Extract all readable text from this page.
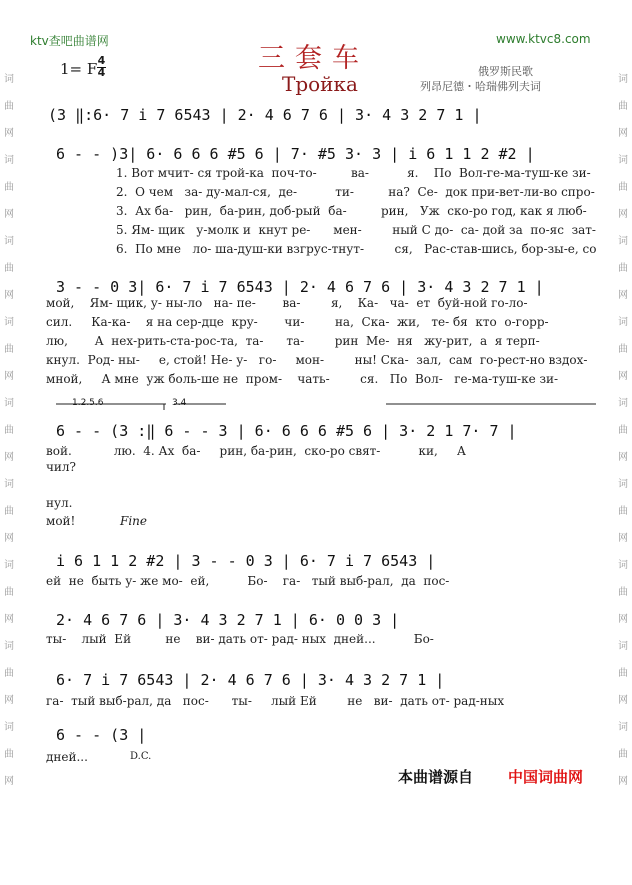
词
曲
网
词
曲
网
词
曲
网
词
曲
网
词
曲
网
词
曲
网
词
曲
网
词
曲
网
词
曲
网
词
曲
网
词
曲
网
词
曲
网
词
曲
网
词
曲
网
词
曲
网
词
曲
网
词
曲
网
词
曲
网
ktv查吧曲谱网	www.ktvc8.com
三套车
Тройка
1= F 4
4	俄罗斯民歌
列昂尼德・哈瑞佛列夫词
(3 ‖:6· 7 i 7 6543 | 2· 4 6 7 6 | 3· 4 3 2 7 1 |
6 - - )3| 6· 6 6 6 #5 6 | 7· #5 3· 3 | i 6 1 1 2 #2 |
1. Вот мчит- ся трой-ка  поч-то-         ва-          я.    По  Вол-ге-ма-туш-ке зи-
2.  О чем   за- ду-мал-ся,  де-          ти-         на?  Се-  док при-вет-ли-во спро-
3.  Ах ба-   рин,  ба-рин, доб-рый  ба-         рин,   Уж  ско-ро год, как я люб-
5. Ям- щик   у-молк и  кнут ре-      мен-        ный С до-  са- дой за  по-яс  зат-
6.  По мне   ло- ша-душ-ки взгрус-тнут-        ся,   Рас-став-шись, бор-зы-е, со
3 - - 0 3| 6· 7 i 7 6543 | 2· 4 6 7 6 | 3· 4 3 2 7 1 |
мой,    Ям- щик, у- ны-ло   на- пе-       ва-        я,    Ка-   ча-  ет  буй-ной го-ло-
сил.     Ка-ка-    я на сер-дце  кру-       чи-        на,  Ска-  жи,   те- бя  кто  о-горр-
лю,       А  нех-рить-ста-рос-та,  та-      та-        рин  Ме-  ня   жу-рит,  а  я терп-
кнул.  Род- ны-     е, стой! Не- у-   го-     мон-        ны! Ска-  зал,  сам  го-рест-но вздох-
мной,     А мне  уж боль-ше не  пром-    чать-        ся.   По  Вол-   ге-ма-туш-ке зи-
1.2.5.6	3.4
6 - - (3 :‖ 6 - - 3 | 6· 6 6 6 #5 6 | 3· 2 1 7· 7 |
вой.           лю.  4. Ах  ба-     рин, ба-рин,  ско-ро свят-          ки,     А
чил?
нул.
мой!	Fine
i 6 1 1 2 #2 | 3 - - 0 3 | 6· 7 i 7 6543 |
ей  не  быть у- же мо-  ей,          Бо-    га-   тый выб-рал,  да  пос-
2· 4 6 7 6 | 3· 4 3 2 7 1 | 6· 0 0 3 |
ты-    лый  Ей         не    ви- дать от- рад- ных  дней...          Бо-
6· 7 i 7 6543 | 2· 4 6 7 6 | 3· 4 3 2 7 1 |
га-  тый выб-рал, да   пос-      ты-     лый Ей        не   ви-  дать от- рад-ных
6 - - (3 |
дней...	D.C.
本曲谱源自 中国词曲网
